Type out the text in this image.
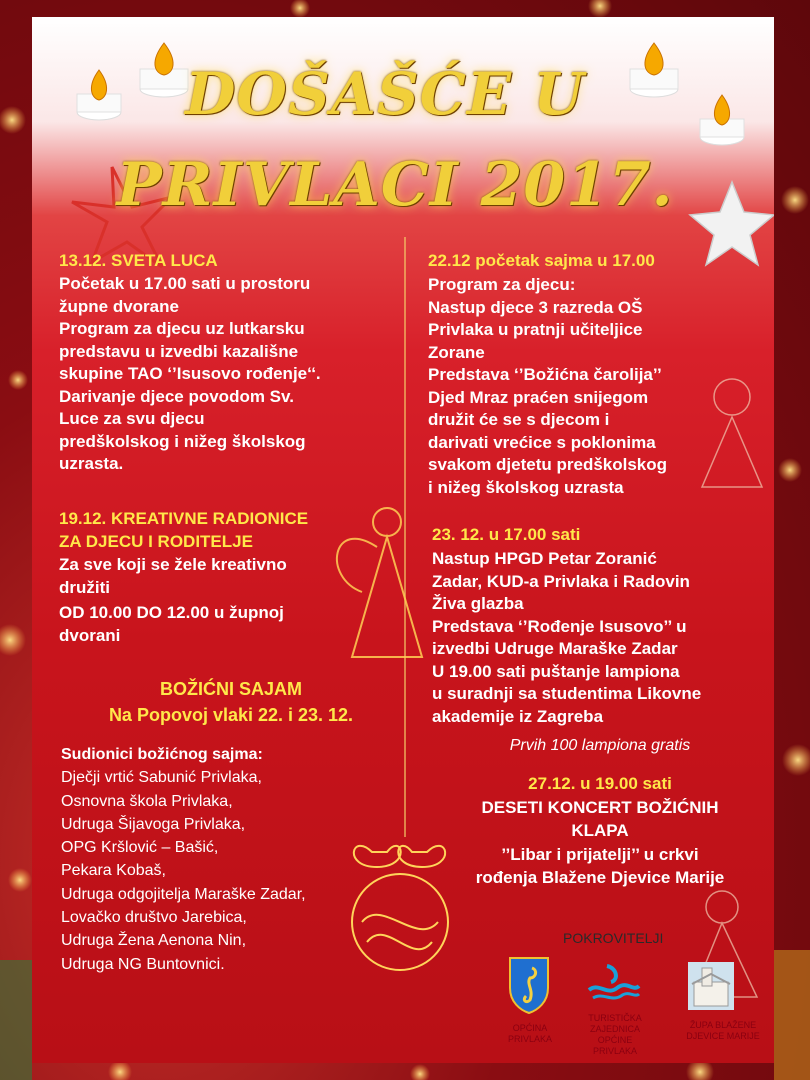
DOŠAŠĆE U
PRIVLACI 2017.
13.12. SVETA LUCA
Početak u 17.00 sati u prostoru
župne dvorane
Program za djecu uz lutkarsku
predstavu u izvedbi kazališne
skupine TAO ‘’Isusovo rođenje‘‘.
Darivanje djece povodom Sv.
Luce za svu djecu
predškolskog i nižeg školskog
uzrasta.
19.12. KREATIVNE RADIONICE
ZA DJECU I RODITELJE
Za sve koji se žele kreativno
družiti
OD 10.00 DO 12.00 u župnoj
dvorani
BOŽIĆNI SAJAM
Na Popovoj vlaki 22. i 23. 12.
Sudionici božićnog sajma:
Dječji vrtić Sabunić Privlaka,
Osnovna škola Privlaka,
Udruga Šijavoga Privlaka,
OPG Kršlović – Bašić,
Pekara Kobaš,
Udruga odgojitelja Maraške Zadar,
Lovačko društvo Jarebica,
Udruga Žena Aenona Nin,
Udruga NG Buntovnici.
22.12 početak sajma u 17.00
Program za djecu:
Nastup djece 3 razreda OŠ
Privlaka u pratnji učiteljice
Zorane
Predstava ‘’Božićna čarolija’’
Djed Mraz praćen snijegom
družit će se s djecom i
darivati vrećice s poklonima
svakom djetetu predškolskog
i nižeg školskog uzrasta
23. 12. u 17.00 sati
Nastup HPGD Petar Zoranić
Zadar, KUD-a Privlaka i Radovin
Živa glazba
Predstava ‘’Rođenje Isusovo’’ u
izvedbi Udruge Maraške Zadar
U 19.00 sati puštanje lampiona
u suradnji sa studentima Likovne
akademije iz Zagreba
Prvih 100 lampiona gratis
27.12. u 19.00 sati
DESETI KONCERT BOŽIĆNIH
KLAPA
’’Libar i prijatelji’’ u crkvi
rođenja Blažene Djevice Marije
POKROVITELJI
OPĆINA
PRIVLAKA
TURISTIČKA
ZAJEDNICA
OPĆINE PRIVLAKA
ŽUPA BLAŽENE
DJEVICE MARIJE
